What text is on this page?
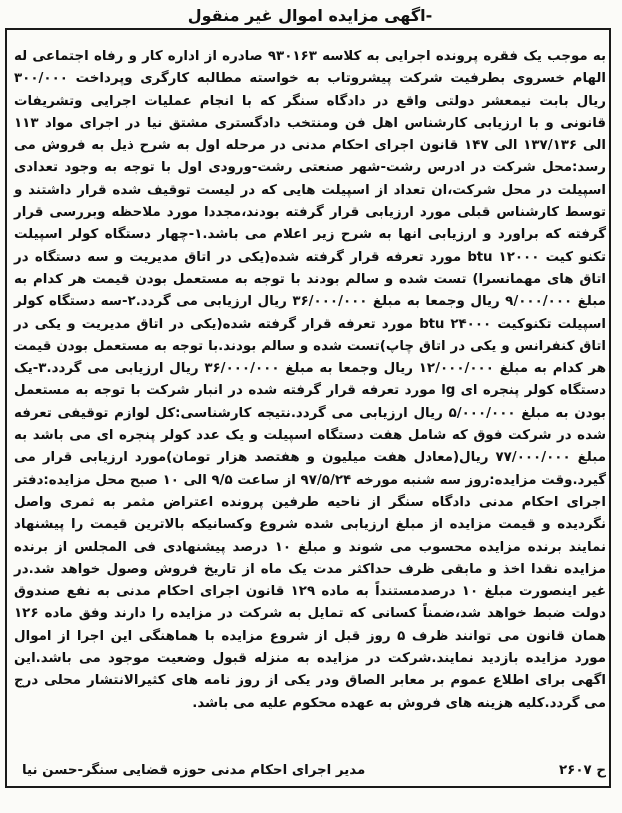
-اگهی مزایده اموال غیر منقول
به موجب یک فقره پرونده اجرایی به کلاسه ۹۳۰۱۶۳ صادره از اداره کار و رفاه اجتماعی له الهام خسروی بطرفیت شرکت پیشروتاب به خواسته مطالبه کارگری وپرداخت ۳۰۰/۰۰۰ ریال بابت نیمعشر دولتی واقع در دادگاه سنگر که با انجام عملیات اجرایی وتشریفات قانونی و با ارزیابی کارشناس اهل فن ومنتخب دادگستری مشتق نیا در اجرای مواد ۱۱۳ الی ۱۳۷/۱۳۶ الی ۱۴۷ قانون اجرای احکام مدنی در مرحله اول به شرح ذیل به فروش می رسد:محل شرکت در ادرس رشت-شهر صنعتی رشت-ورودی اول با توجه به وجود تعدادی اسپیلت در محل شرکت،ان تعداد از اسپیلت هایی که در لیست توقیف شده قرار داشتند و توسط کارشناس قبلی مورد ارزیابی قرار گرفته بودند،مجددا مورد ملاحظه وبررسی قرار گرفته که براورد و ارزیابی انها به شرح زیر اعلام می باشد.۱-چهار دستگاه کولر اسپیلت تکنو کیت btu ۱۲۰۰۰ مورد تعرفه قرار گرفته شده(یکی در اتاق مدیریت و سه دستگاه در اتاق های مهمانسرا) تست شده و سالم بودند با توجه به مستعمل بودن قیمت هر کدام به مبلغ ۹/۰۰۰/۰۰۰ ریال وجمعا به مبلغ ۳۶/۰۰۰/۰۰۰ ریال ارزیابی می گردد.۲-سه دستگاه کولر اسپیلت تکنوکیت btu ۲۴۰۰۰ مورد تعرفه قرار گرفته شده(یکی در اتاق مدیریت و یکی در اتاق کنفرانس و یکی در اتاق چاپ)تست شده و سالم بودند.با توجه به مستعمل بودن قیمت هر کدام به مبلغ ۱۲/۰۰۰/۰۰۰ ریال وجمعا به مبلغ ۳۶/۰۰۰/۰۰۰ ریال ارزیابی می گردد.۳-یک دستگاه کولر پنجره ای lg مورد تعرفه قرار گرفته شده در انبار شرکت با توجه به مستعمل بودن به مبلغ ۵/۰۰۰/۰۰۰ ریال ارزیابی می گردد.نتیجه کارشناسی:کل لوازم توقیفی تعرفه شده در شرکت فوق که شامل هفت دستگاه اسپیلت و یک عدد کولر پنجره ای می باشد به مبلغ ۷۷/۰۰۰/۰۰۰ ریال(معادل هفت میلیون و هفتصد هزار تومان)مورد ارزیابی قرار می گیرد.وقت مزایده:روز سه شنبه مورخه ۹۷/۵/۲۴ از ساعت ۹/۵ الی ۱۰ صبح محل مزایده:دفتر اجرای احکام مدنی دادگاه سنگر از ناحیه طرفین پرونده اعتراض مثمر به ثمری واصل نگردیده و قیمت مزایده از مبلغ ارزیابی شده شروع وکسانیکه بالاترین قیمت را پیشنهاد نمایند برنده مزایده محسوب می شوند و مبلغ ۱۰ درصد پیشنهادی فی المجلس از برنده مزایده نقدا اخذ و مابقی ظرف حداکثر مدت یک ماه از تاریخ فروش وصول خواهد شد.در غیر اینصورت مبلغ ۱۰ درصدمستنداً به ماده ۱۲۹ قانون اجرای احکام مدنی به نفع صندوق دولت ضبط خواهد شد،ضمناً کسانی که تمایل به شرکت در مزایده را دارند وفق ماده ۱۲۶ همان قانون می توانند ظرف ۵ روز قبل از شروع مزایده با هماهنگی این اجرا از اموال مورد مزایده بازدید نمایند.شرکت در مزایده به منزله قبول وضعیت موجود می باشد.این اگهی برای اطلاع عموم بر معابر الصاق ودر یکی از روز نامه های کثیرالانتشار محلی درج می گردد.کلیه هزینه های فروش به عهده محکوم علیه می باشد.
ح ۲۶۰۷
مدیر اجرای احکام مدنی حوزه قضایی سنگر-حسن نیا
